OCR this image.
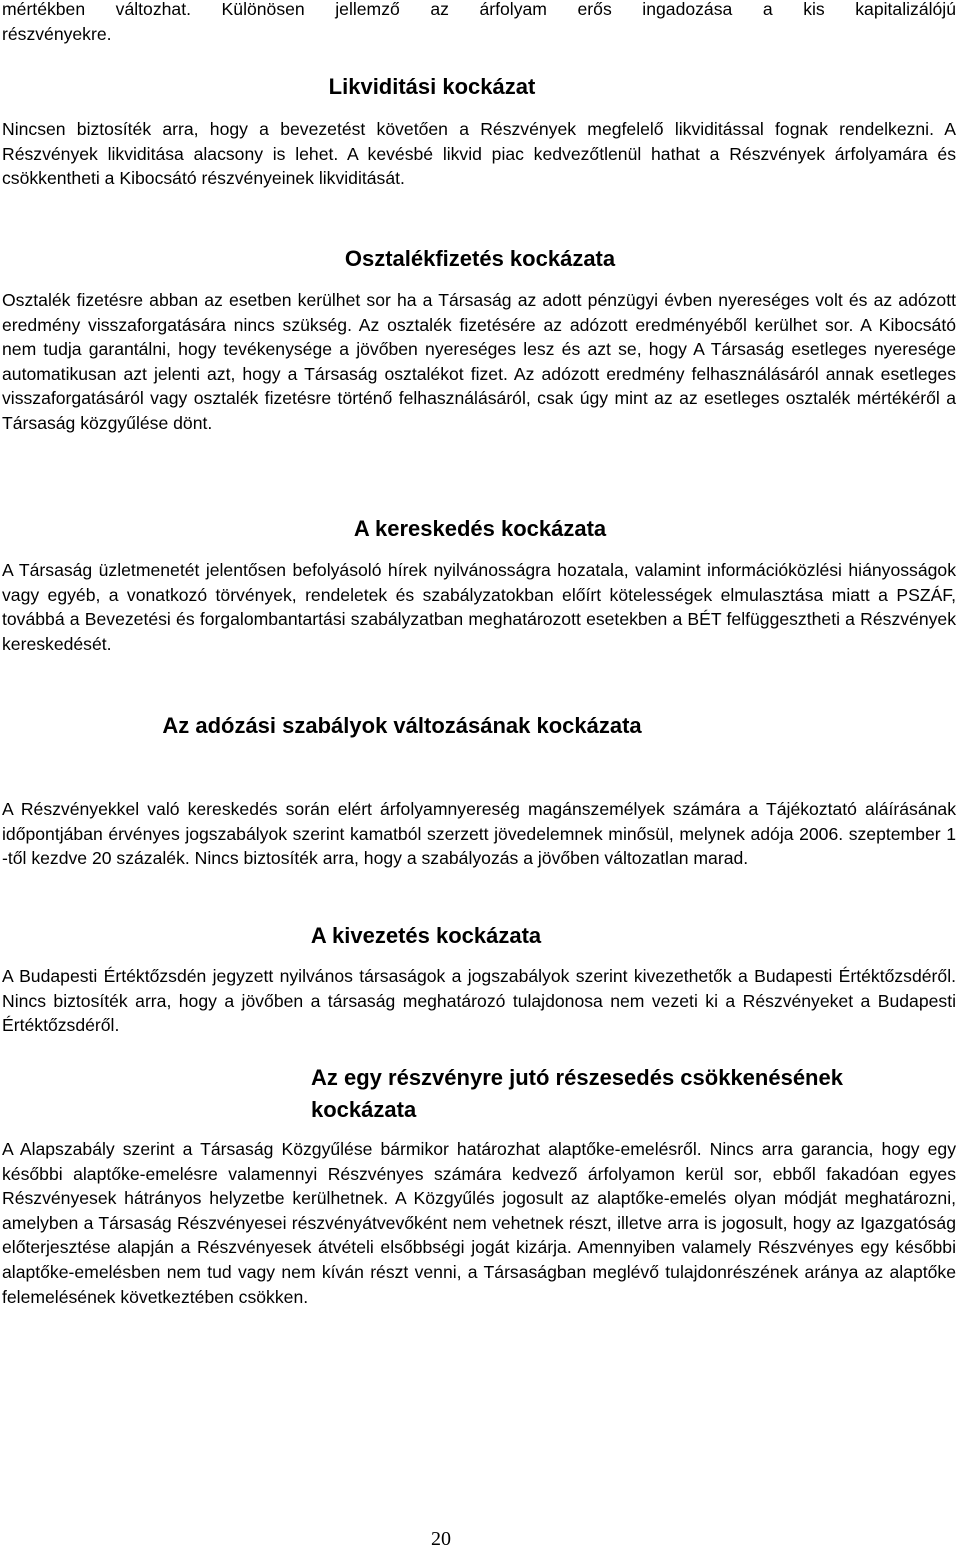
mértékben változhat. Különösen jellemző az árfolyam erős ingadozása a kis kapitalizálójú

részvényekre.

Likviditási kockázat

Nincsen biztosíték arra, hogy a bevezetést követően a Részvények megfelelő likviditással fognak rendelkezni. A Részvények likviditása alacsony is lehet. A kevésbé likvid piac kedvezőtlenül hathat a Részvények árfolyamára és csökkentheti a Kibocsátó részvényeinek likviditását.

Osztalékfizetés kockázata

Osztalék fizetésre abban az esetben kerülhet sor ha a Társaság az adott pénzügyi évben nyereséges volt és az adózott eredmény visszaforgatására nincs szükség. Az osztalék fizetésére az adózott eredményéből kerülhet sor. A Kibocsátó nem tudja garantálni, hogy tevékenysége a jövőben nyereséges lesz és azt se, hogy A Társaság esetleges nyeresége automatikusan azt jelenti azt, hogy a Társaság osztalékot fizet. Az adózott eredmény felhasználásáról annak esetleges visszaforgatásáról vagy osztalék fizetésre történő felhasználásáról, csak úgy mint az az esetleges osztalék mértékéről a Társaság közgyűlése dönt.

A kereskedés kockázata

A Társaság üzletmenetét jelentősen befolyásoló hírek nyilvánosságra hozatala, valamint információközlési hiányosságok vagy egyéb, a vonatkozó törvények, rendeletek és szabályzatokban előírt kötelességek elmulasztása miatt a PSZÁF, továbbá a Bevezetési és forgalombantartási szabályzatban meghatározott esetekben a BÉT felfüggesztheti a Részvények kereskedését.

Az adózási szabályok változásának kockázata

A Részvényekkel való kereskedés során elért árfolyamnyereség magánszemélyek számára a Tájékoztató aláírásának időpontjában érvényes jogszabályok szerint kamatból szerzett jövedelemnek minősül, melynek adója 2006. szeptember 1 -től kezdve 20 százalék. Nincs biztosíték arra, hogy a szabályozás a jövőben változatlan marad.

A kivezetés kockázata

A Budapesti Értéktőzsdén jegyzett nyilvános társaságok a jogszabályok szerint kivezethetők a Budapesti Értéktőzsdéről. Nincs biztosíték arra, hogy a jövőben a társaság meghatározó tulajdonosa nem vezeti ki a Részvényeket a Budapesti Értéktőzsdéről.

Az egy részvényre jutó részesedés csökkenésének kockázata

A Alapszabály szerint a Társaság Közgyűlése bármikor határozhat alaptőke-emelésről. Nincs arra garancia, hogy egy későbbi alaptőke-emelésre valamennyi Részvényes számára kedvező árfolyamon kerül sor, ebből fakadóan egyes Részvényesek hátrányos helyzetbe kerülhetnek. A Közgyűlés jogosult az alaptőke-emelés olyan módját meghatározni, amelyben a Társaság Részvényesei részvényátvevőként nem vehetnek részt, illetve arra is jogosult, hogy az Igazgatóság előterjesztése alapján a Részvényesek átvételi elsőbbségi jogát kizárja. Amennyiben valamely Részvényes egy későbbi alaptőke-emelésben nem tud vagy nem kíván részt venni, a Társaságban meglévő tulajdonrészének aránya az alaptőke felemelésének következtében csökken.

20
